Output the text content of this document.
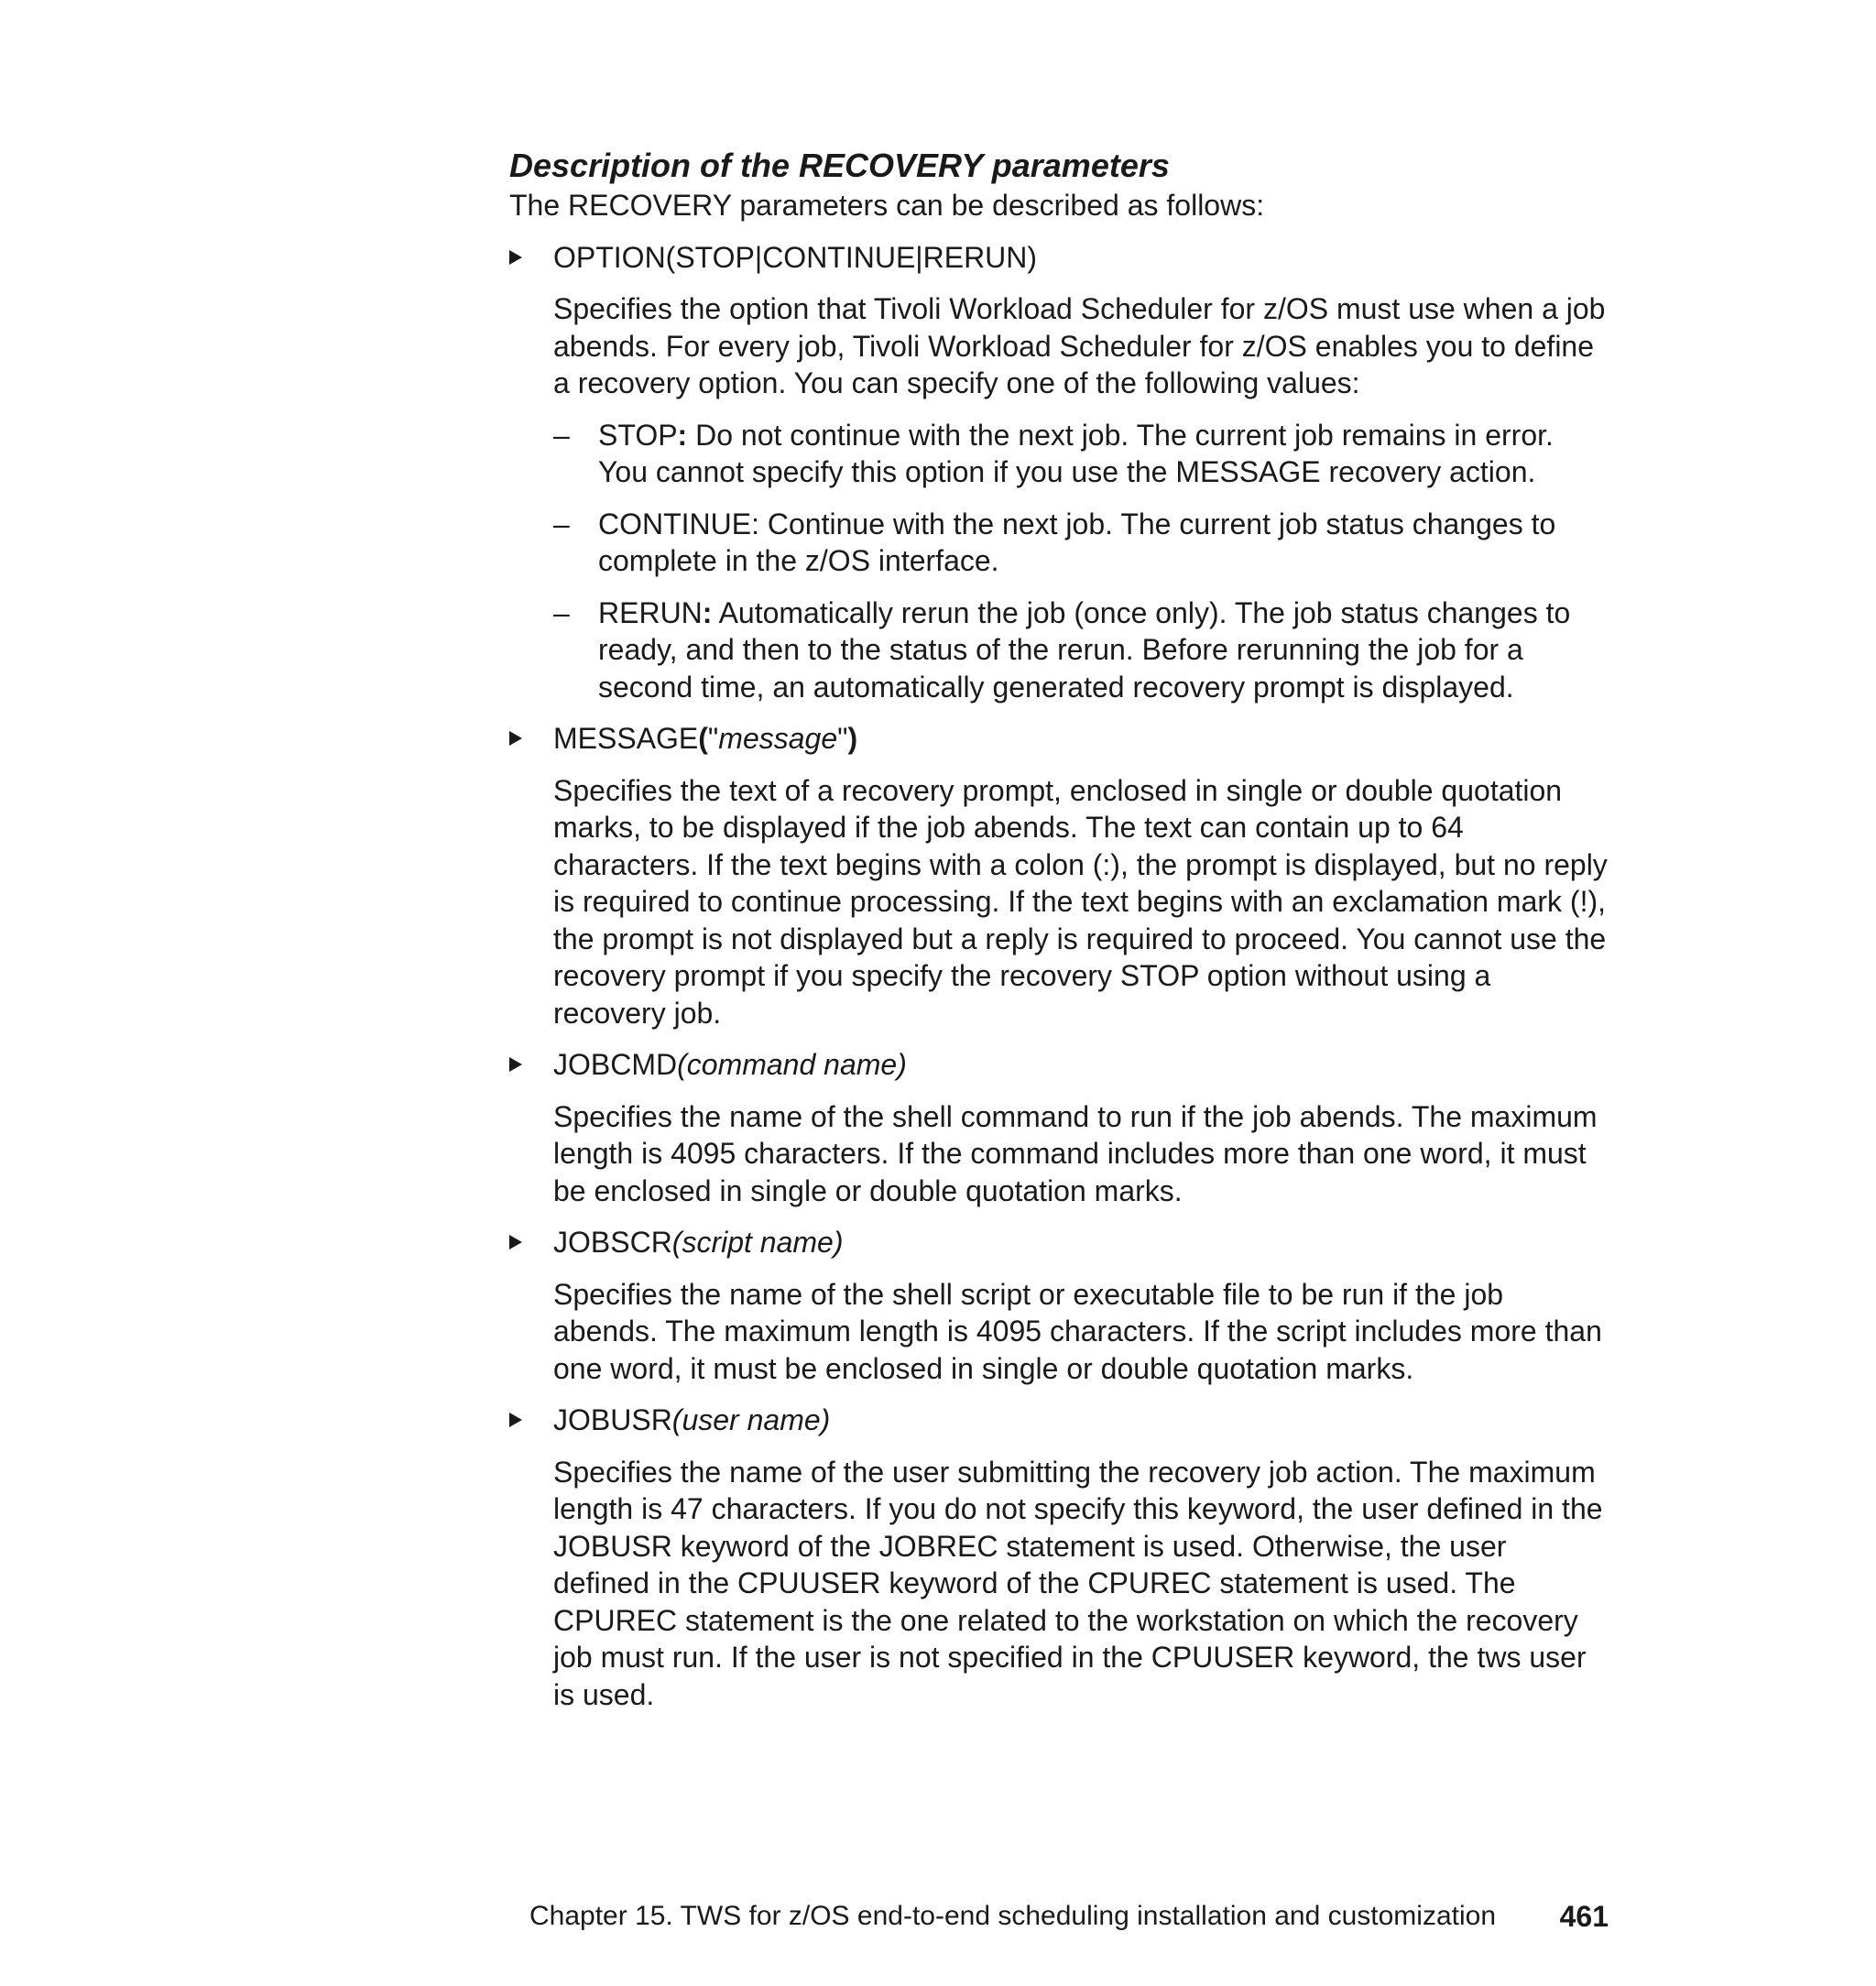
Description of the RECOVERY parameters

The RECOVERY parameters can be described as follows:

OPTION(STOP|CONTINUE|RERUN)

Specifies the option that Tivoli Workload Scheduler for z/OS must use when a job abends. For every job, Tivoli Workload Scheduler for z/OS enables you to define a recovery option. You can specify one of the following values:

– STOP: Do not continue with the next job. The current job remains in error. You cannot specify this option if you use the MESSAGE recovery action.
– CONTINUE: Continue with the next job. The current job status changes to complete in the z/OS interface.
– RERUN: Automatically rerun the job (once only). The job status changes to ready, and then to the status of the rerun. Before rerunning the job for a second time, an automatically generated recovery prompt is displayed.
MESSAGE("message")

Specifies the text of a recovery prompt, enclosed in single or double quotation marks, to be displayed if the job abends. The text can contain up to 64 characters. If the text begins with a colon (:), the prompt is displayed, but no reply is required to continue processing. If the text begins with an exclamation mark (!), the prompt is not displayed but a reply is required to proceed. You cannot use the recovery prompt if you specify the recovery STOP option without using a recovery job.

JOBCMD(command name)

Specifies the name of the shell command to run if the job abends. The maximum length is 4095 characters. If the command includes more than one word, it must be enclosed in single or double quotation marks.

JOBSCR(script name)

Specifies the name of the shell script or executable file to be run if the job abends. The maximum length is 4095 characters. If the script includes more than one word, it must be enclosed in single or double quotation marks.

JOBUSR(user name)

Specifies the name of the user submitting the recovery job action. The maximum length is 47 characters. If you do not specify this keyword, the user defined in the JOBUSR keyword of the JOBREC statement is used. Otherwise, the user defined in the CPUUSER keyword of the CPUREC statement is used. The CPUREC statement is the one related to the workstation on which the recovery job must run. If the user is not specified in the CPUUSER keyword, the tws user is used.

Chapter 15. TWS for z/OS end-to-end scheduling installation and customization 461
